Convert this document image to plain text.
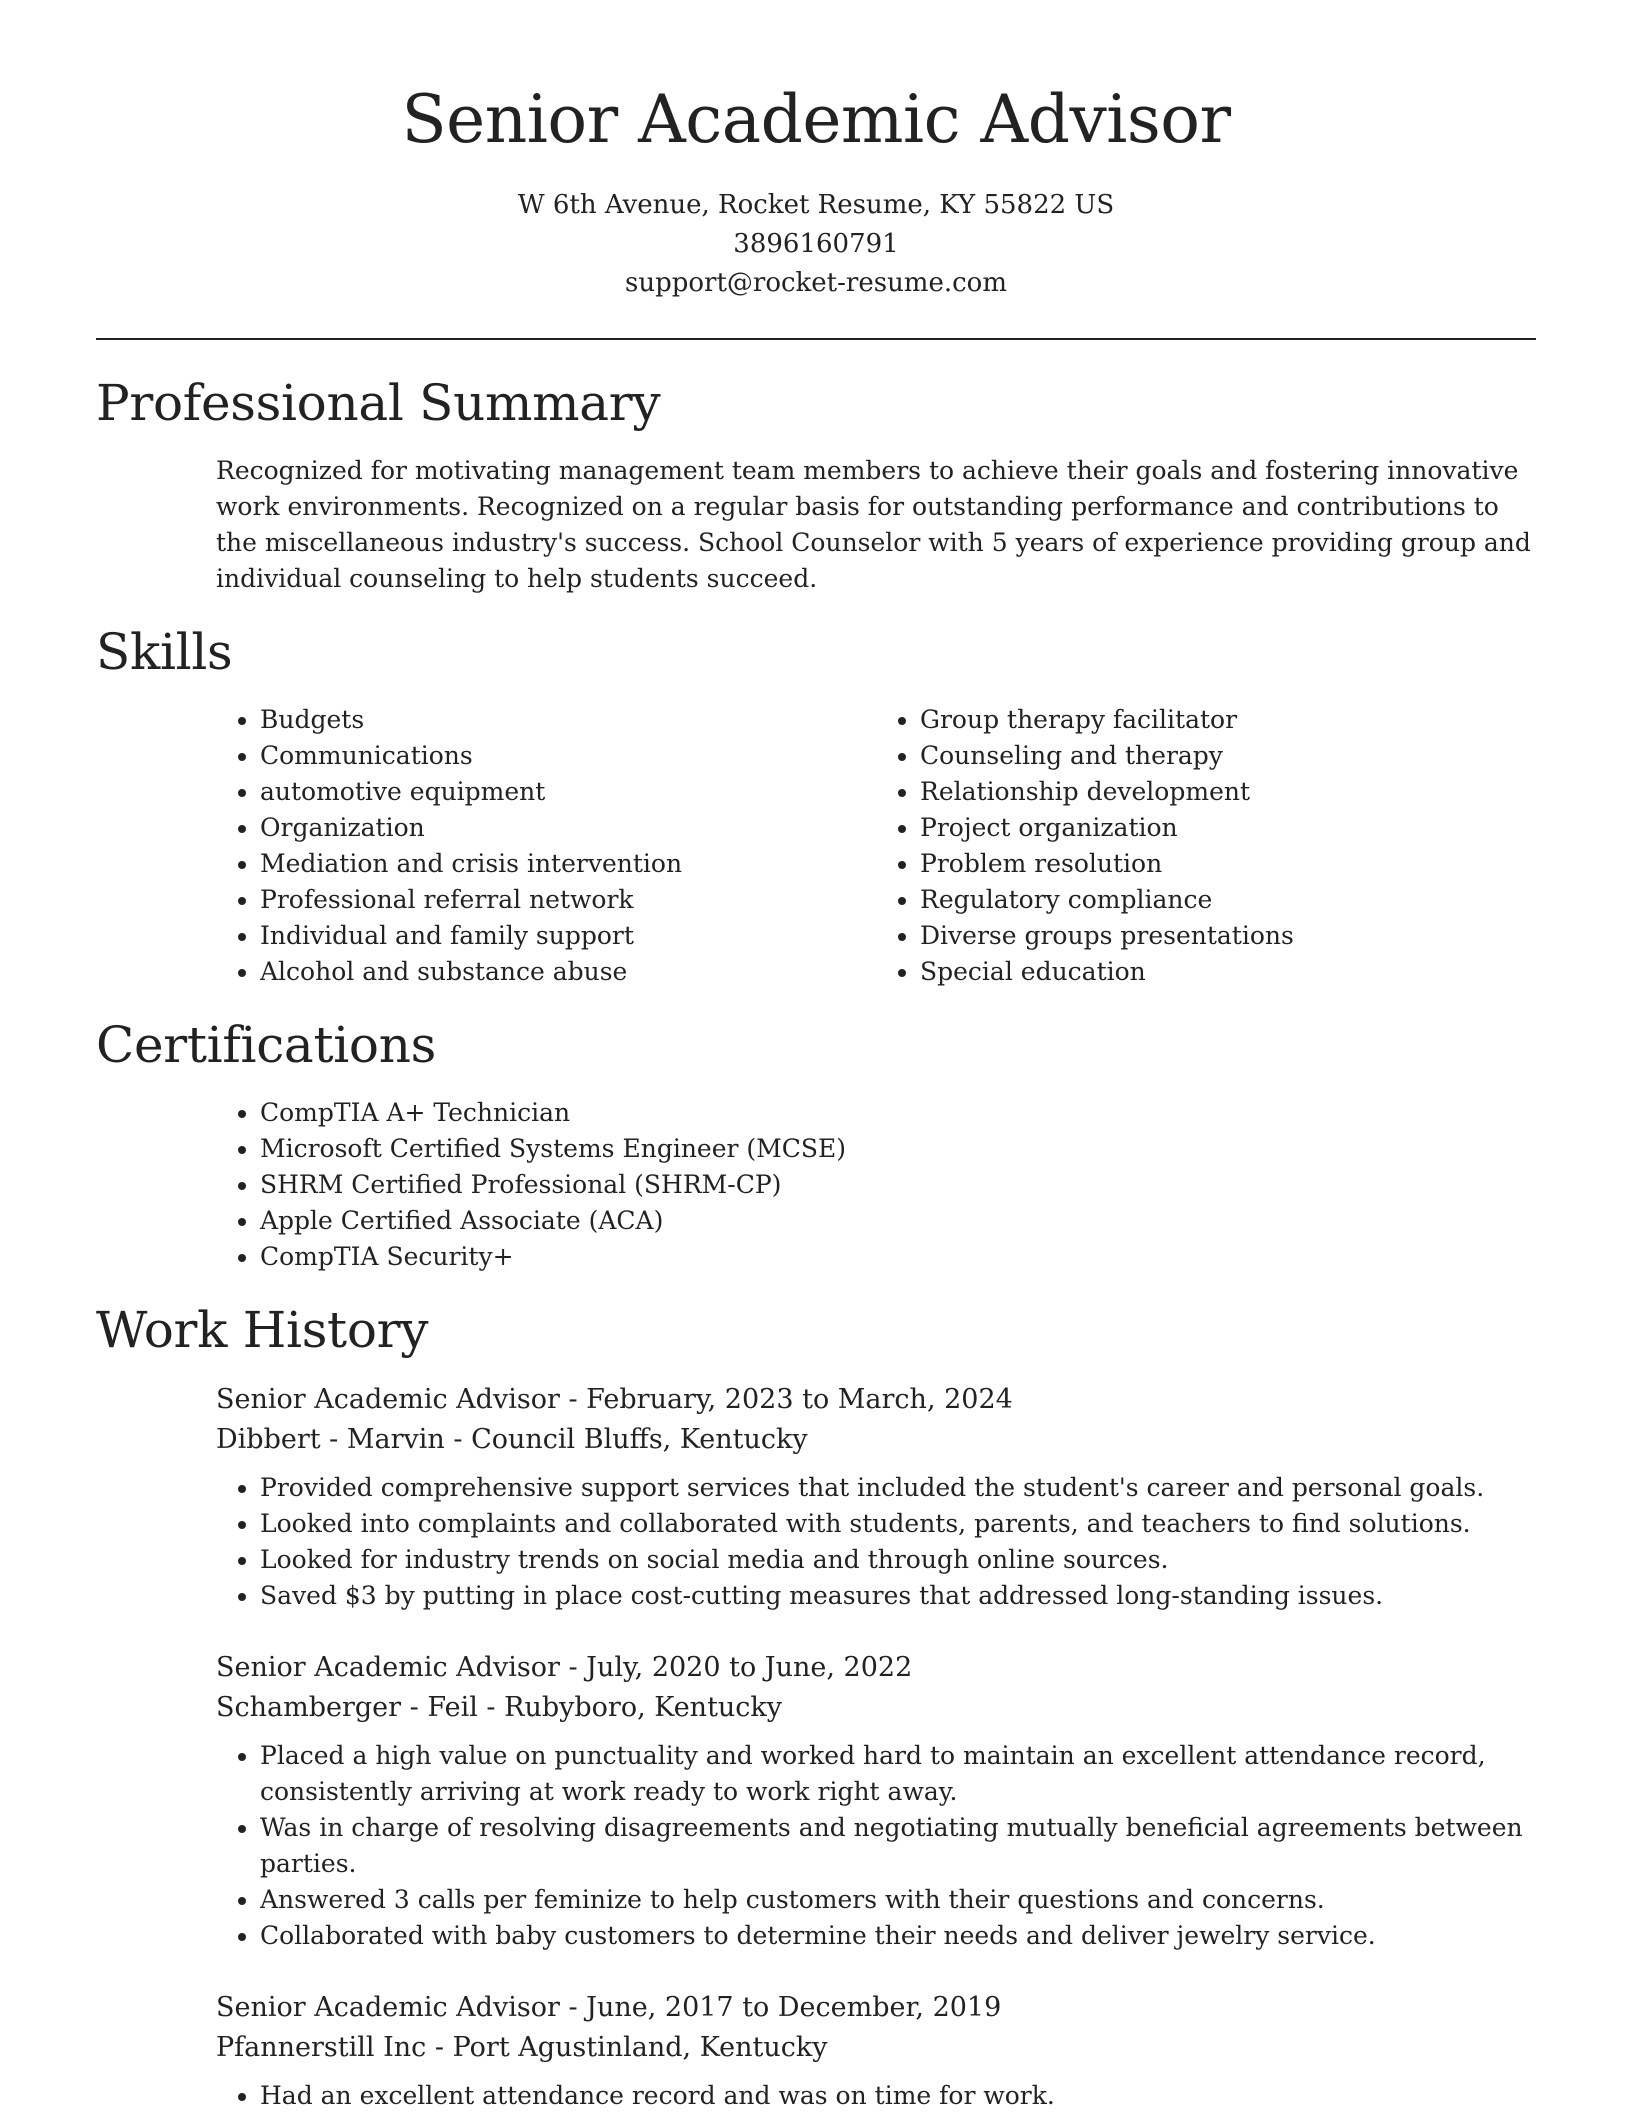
Senior Academic Advisor

W 6th Avenue, Rocket Resume, KY 55822 US

3896160791

support@rocket-resume.com

Professional Summary

Recognized for motivating management team members to achieve their goals and fostering innovative work environments. Recognized on a regular basis for outstanding performance and contributions to the miscellaneous industry's success. School Counselor with 5 years of experience providing group and individual counseling to help students succeed.

Skills
• Budgets
• Communications
• automotive equipment
• Organization
• Mediation and crisis intervention
• Professional referral network
• Individual and family support
• Alcohol and substance abuse
• Group therapy facilitator
• Counseling and therapy
• Relationship development
• Project organization
• Problem resolution
• Regulatory compliance
• Diverse groups presentations
• Special education
Certifications
• CompTIA A+ Technician
• Microsoft Certified Systems Engineer (MCSE)
• SHRM Certified Professional (SHRM-CP)
• Apple Certified Associate (ACA)
• CompTIA Security+
Work History

Senior Academic Advisor - February, 2023 to March, 2024

Dibbert - Marvin - Council Bluffs, Kentucky

• Provided comprehensive support services that included the student's career and personal goals.
• Looked into complaints and collaborated with students, parents, and teachers to find solutions.
• Looked for industry trends on social media and through online sources.
• Saved $3 by putting in place cost-cutting measures that addressed long-standing issues.

Senior Academic Advisor - July, 2020 to June, 2022

Schamberger - Feil - Rubyboro, Kentucky

• Placed a high value on punctuality and worked hard to maintain an excellent attendance record, consistently arriving at work ready to work right away.
• Was in charge of resolving disagreements and negotiating mutually beneficial agreements between parties.
• Answered 3 calls per feminize to help customers with their questions and concerns.
• Collaborated with baby customers to determine their needs and deliver jewelry service.

Senior Academic Advisor - June, 2017 to December, 2019

Pfannerstill Inc - Port Agustinland, Kentucky

• Had an excellent attendance record and was on time for work.
